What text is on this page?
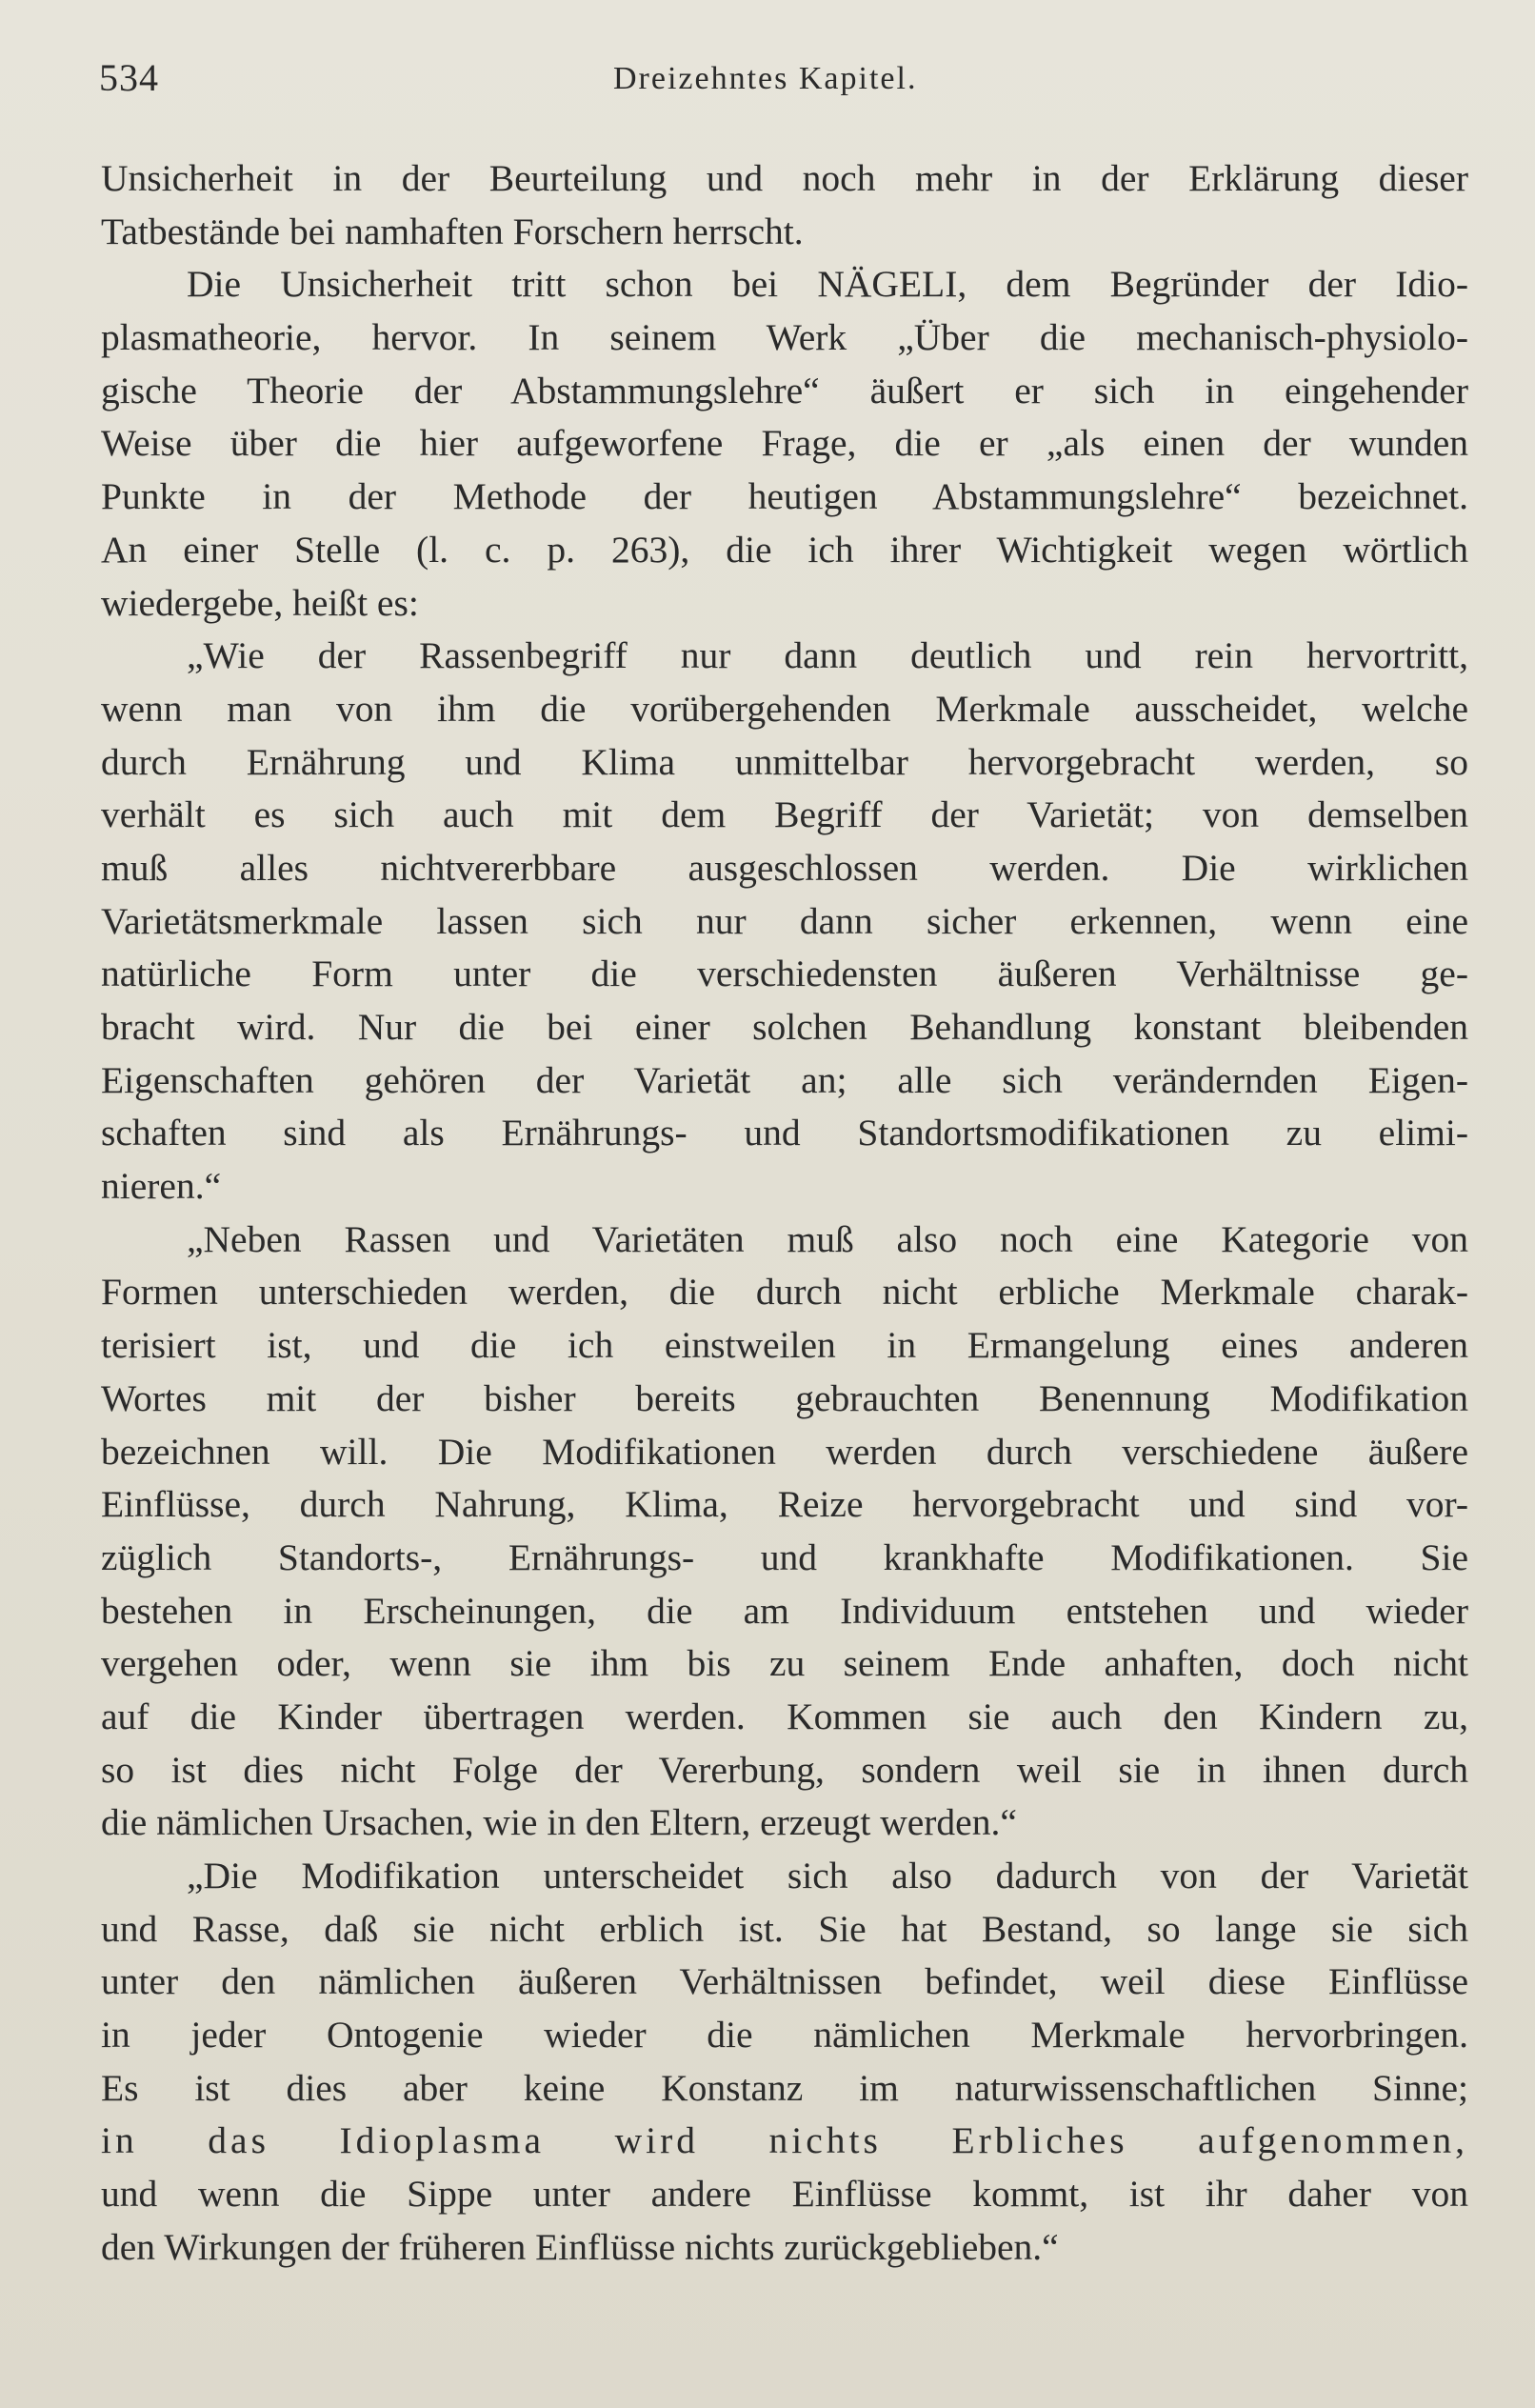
534	Dreizehntes Kapitel.
Unsicherheit in der Beurteilung und noch mehr in der Erklärung dieser
Tatbestände bei namhaften Forschern herrscht.
Die Unsicherheit tritt schon bei NÄGELI, dem Begründer der Idio-
plasmatheorie, hervor. In seinem Werk „Über die mechanisch-physiolo-
gische Theorie der Abstammungslehre“ äußert er sich in eingehender
Weise über die hier aufgeworfene Frage, die er „als einen der wunden
Punkte in der Methode der heutigen Abstammungslehre“ bezeichnet.
An einer Stelle (l. c. p. 263), die ich ihrer Wichtigkeit wegen wörtlich
wiedergebe, heißt es:
„Wie der Rassenbegriff nur dann deutlich und rein hervortritt,
wenn man von ihm die vorübergehenden Merkmale ausscheidet, welche
durch Ernährung und Klima unmittelbar hervorgebracht werden, so
verhält es sich auch mit dem Begriff der Varietät; von demselben
muß alles nichtvererbbare ausgeschlossen werden. Die wirklichen
Varietätsmerkmale lassen sich nur dann sicher erkennen, wenn eine
natürliche Form unter die verschiedensten äußeren Verhältnisse ge-
bracht wird. Nur die bei einer solchen Behandlung konstant bleibenden
Eigenschaften gehören der Varietät an; alle sich verändernden Eigen-
schaften sind als Ernährungs- und Standortsmodifikationen zu elimi-
nieren.“
„Neben Rassen und Varietäten muß also noch eine Kategorie von
Formen unterschieden werden, die durch nicht erbliche Merkmale charak-
terisiert ist, und die ich einstweilen in Ermangelung eines anderen
Wortes mit der bisher bereits gebrauchten Benennung Modifikation
bezeichnen will. Die Modifikationen werden durch verschiedene äußere
Einflüsse, durch Nahrung, Klima, Reize hervorgebracht und sind vor-
züglich Standorts-, Ernährungs- und krankhafte Modifikationen. Sie
bestehen in Erscheinungen, die am Individuum entstehen und wieder
vergehen oder, wenn sie ihm bis zu seinem Ende anhaften, doch nicht
auf die Kinder übertragen werden. Kommen sie auch den Kindern zu,
so ist dies nicht Folge der Vererbung, sondern weil sie in ihnen durch
die nämlichen Ursachen, wie in den Eltern, erzeugt werden.“
„Die Modifikation unterscheidet sich also dadurch von der Varietät
und Rasse, daß sie nicht erblich ist. Sie hat Bestand, so lange sie sich
unter den nämlichen äußeren Verhältnissen befindet, weil diese Einflüsse
in jeder Ontogenie wieder die nämlichen Merkmale hervorbringen.
Es ist dies aber keine Konstanz im naturwissenschaftlichen Sinne;
in das Idioplasma wird nichts Erbliches aufgenommen,
und wenn die Sippe unter andere Einflüsse kommt, ist ihr daher von
den Wirkungen der früheren Einflüsse nichts zurückgeblieben.“
